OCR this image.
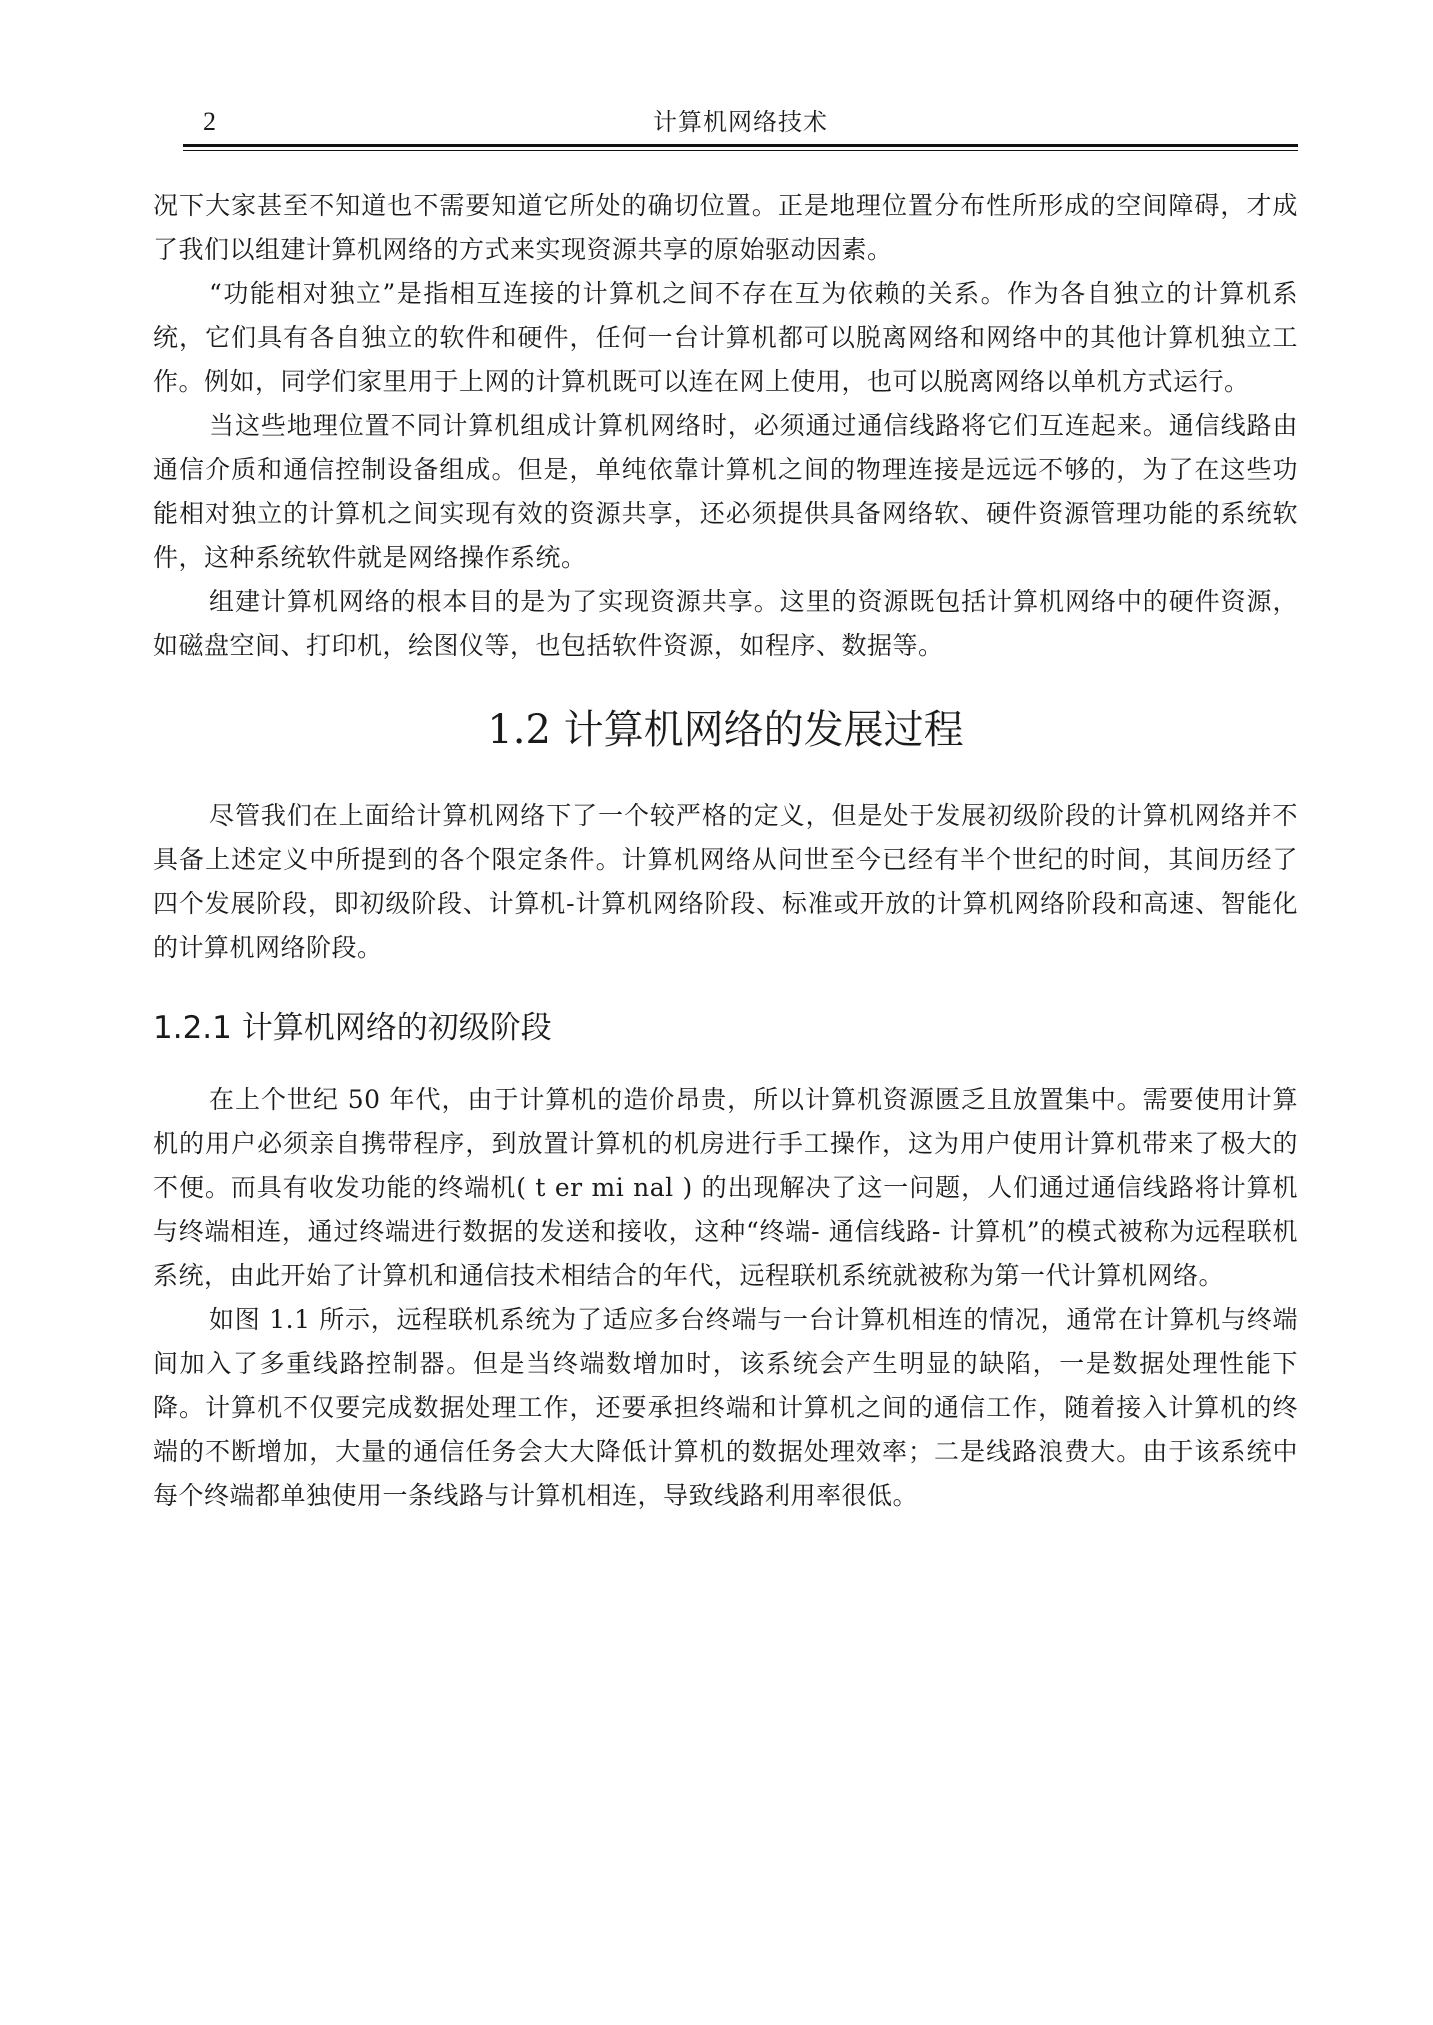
2	计算机网络技术

况下大家甚至不知道也不需要知道它所处的确切位置。正是地理位置分布性所形成的空间障碍，才成了我们以组建计算机网络的方式来实现资源共享的原始驱动因素。

“功能相对独立”是指相互连接的计算机之间不存在互为依赖的关系。作为各自独立的计算机系统，它们具有各自独立的软件和硬件，任何一台计算机都可以脱离网络和网络中的其他计算机独立工作。例如，同学们家里用于上网的计算机既可以连在网上使用，也可以脱离网络以单机方式运行。

当这些地理位置不同计算机组成计算机网络时，必须通过通信线路将它们互连起来。通信线路由通信介质和通信控制设备组成。但是，单纯依靠计算机之间的物理连接是远远不够的，为了在这些功能相对独立的计算机之间实现有效的资源共享，还必须提供具备网络软、硬件资源管理功能的系统软件，这种系统软件就是网络操作系统。

组建计算机网络的根本目的是为了实现资源共享。这里的资源既包括计算机网络中的硬件资源，如磁盘空间、打印机，绘图仪等，也包括软件资源，如程序、数据等。

1.2 计算机网络的发展过程

尽管我们在上面给计算机网络下了一个较严格的定义，但是处于发展初级阶段的计算机网络并不具备上述定义中所提到的各个限定条件。计算机网络从问世至今已经有半个世纪的时间，其间历经了四个发展阶段，即初级阶段、计算机-计算机网络阶段、标准或开放的计算机网络阶段和高速、智能化的计算机网络阶段。

1.2.1 计算机网络的初级阶段

在上个世纪 50 年代，由于计算机的造价昂贵，所以计算机资源匮乏且放置集中。需要使用计算机的用户必须亲自携带程序，到放置计算机的机房进行手工操作，这为用户使用计算机带来了极大的不便。而具有收发功能的终端机( t er mi nal ) 的出现解决了这一问题，人们通过通信线路将计算机与终端相连，通过终端进行数据的发送和接收，这种“终端- 通信线路- 计算机”的模式被称为远程联机系统，由此开始了计算机和通信技术相结合的年代，远程联机系统就被称为第一代计算机网络。

如图 1.1 所示，远程联机系统为了适应多台终端与一台计算机相连的情况，通常在计算机与终端间加入了多重线路控制器。但是当终端数增加时，该系统会产生明显的缺陷，一是数据处理性能下降。计算机不仅要完成数据处理工作，还要承担终端和计算机之间的通信工作，随着接入计算机的终端的不断增加，大量的通信任务会大大降低计算机的数据处理效率；二是线路浪费大。由于该系统中每个终端都单独使用一条线路与计算机相连，导致线路利用率很低。
